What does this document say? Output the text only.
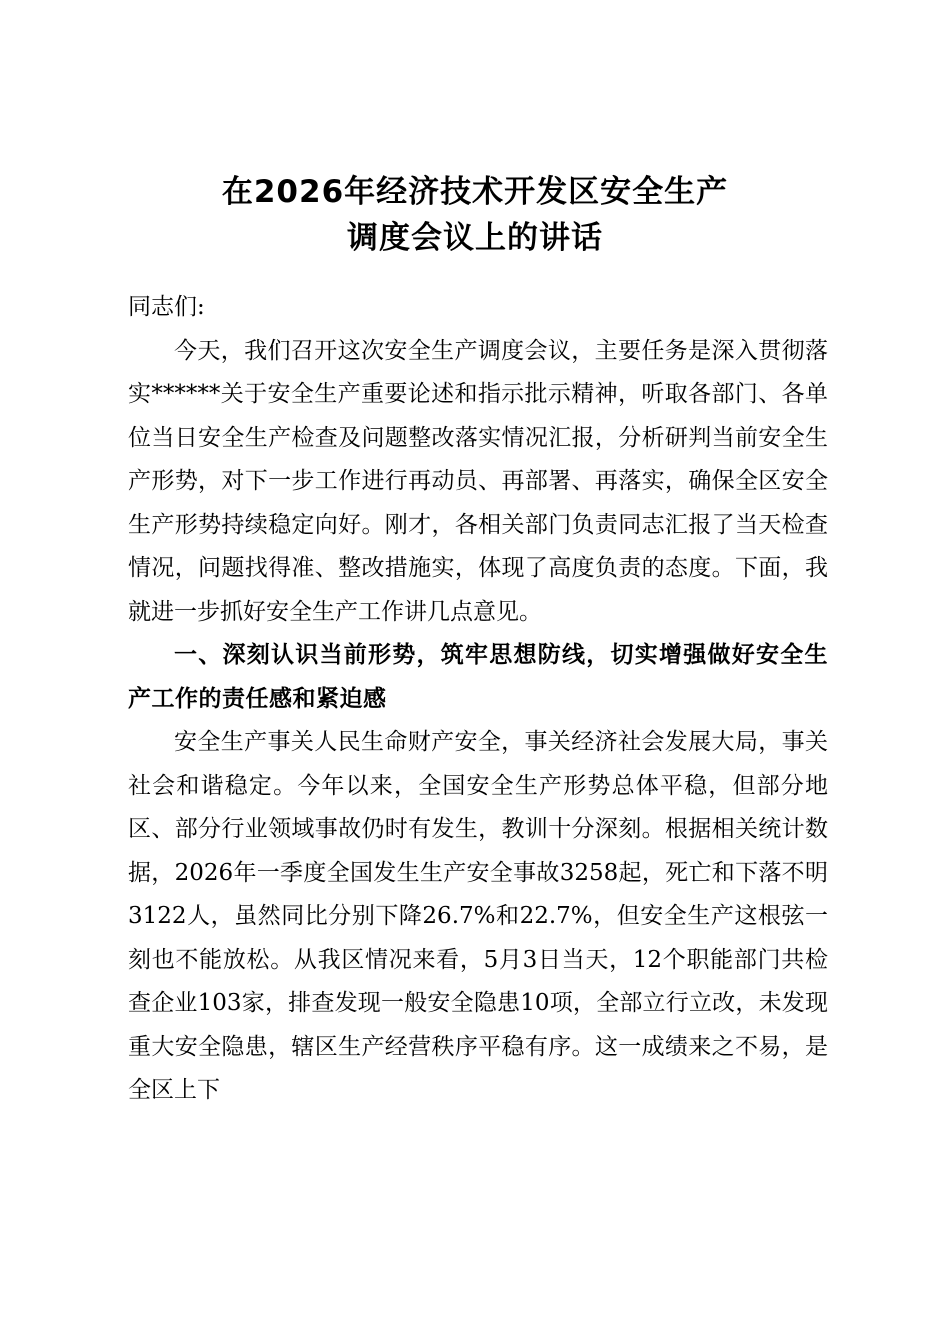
在2026年经济技术开发区安全生产
调度会议上的讲话

同志们:

今天，我们召开这次安全生产调度会议，主要任务是深入贯彻落实******关于安全生产重要论述和指示批示精神，听取各部门、各单位当日安全生产检查及问题整改落实情况汇报，分析研判当前安全生产形势，对下一步工作进行再动员、再部署、再落实，确保全区安全生产形势持续稳定向好。刚才，各相关部门负责同志汇报了当天检查情况，问题找得准、整改措施实，体现了高度负责的态度。下面，我就进一步抓好安全生产工作讲几点意见。

一、深刻认识当前形势，筑牢思想防线，切实增强做好安全生产工作的责任感和紧迫感

安全生产事关人民生命财产安全，事关经济社会发展大局，事关社会和谐稳定。今年以来，全国安全生产形势总体平稳，但部分地区、部分行业领域事故仍时有发生，教训十分深刻。根据相关统计数据，2026年一季度全国发生生产安全事故3258起，死亡和下落不明3122人，虽然同比分别下降26.7%和22.7%，但安全生产这根弦一刻也不能放松。从我区情况来看，5月3日当天，12个职能部门共检查企业103家，排查发现一般安全隐患10项，全部立行立改，未发现重大安全隐患，辖区生产经营秩序平稳有序。这一成绩来之不易，是全区上下
